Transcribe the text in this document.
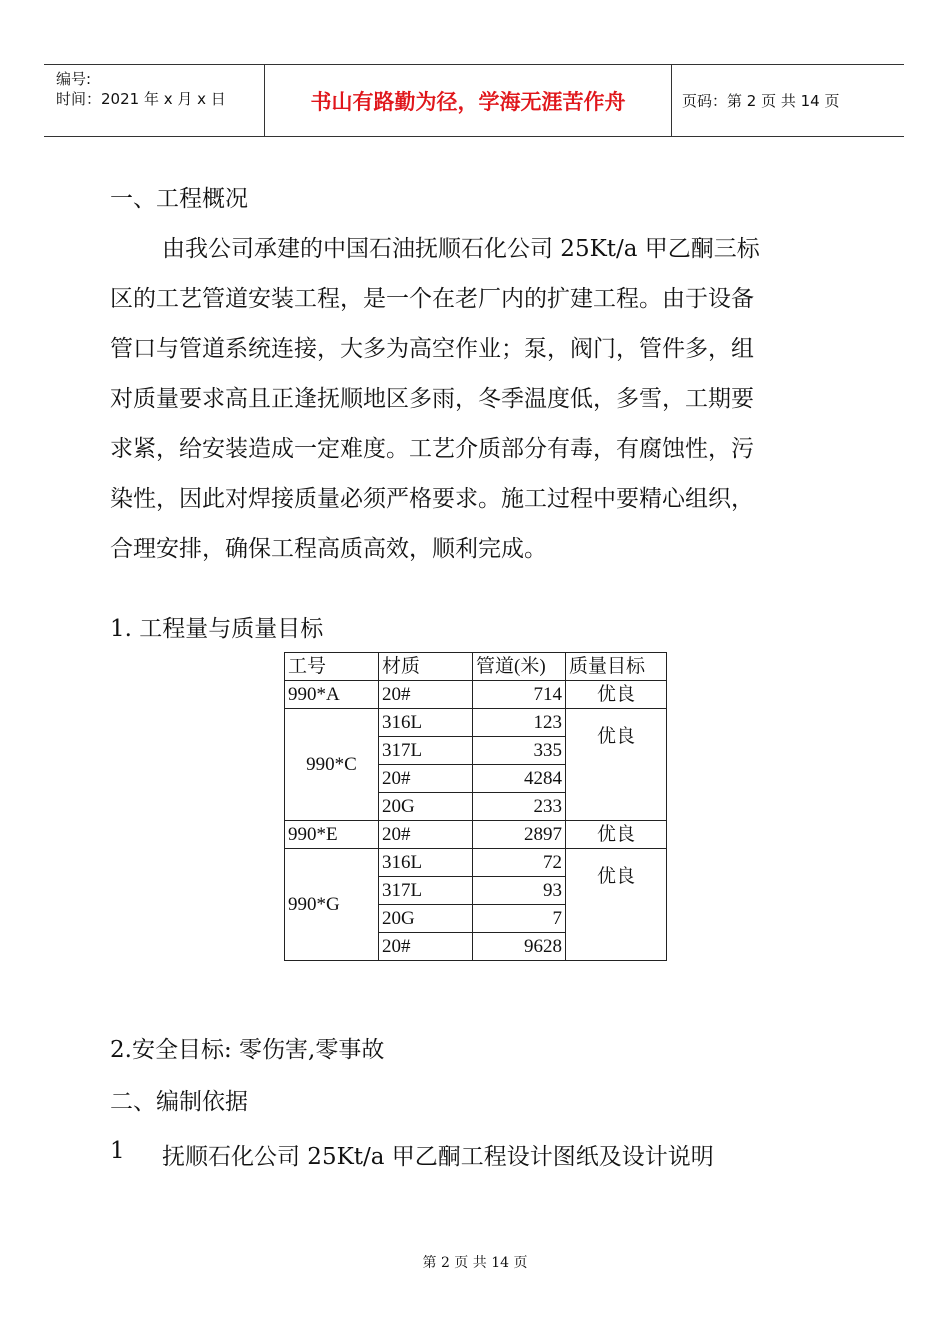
编号:
时间：2021 年 x 月 x 日	书山有路勤为径，学海无涯苦作舟	页码：第 2 页 共 14 页
一、工程概况
由我公司承建的中国石油抚顺石化公司 25Kt/a 甲乙酮三标
区的工艺管道安装工程，是一个在老厂内的扩建工程。由于设备
管口与管道系统连接，大多为高空作业；泵，阀门，管件多，组
对质量要求高且正逢抚顺地区多雨，冬季温度低，多雪，工期要
求紧，给安装造成一定难度。工艺介质部分有毒，有腐蚀性，污
染性，因此对焊接质量必须严格要求。施工过程中要精心组织，
合理安排，确保工程高质高效，顺利完成。
1. 工程量与质量目标
工号	材质	管道(米)	质量目标
990*A	20#	714	优良
990*C	316L	123	优良
	317L	335	
	20#	4284	
	20G	233	
990*E	20#	2897	优良
990*G	316L	72	优良
	317L	93	
	20G	7	
	20#	9628	
2.安全目标: 零伤害,零事故
二、编制依据
1 抚顺石化公司 25Kt/a 甲乙酮工程设计图纸及设计说明
第 2 页 共 14 页
